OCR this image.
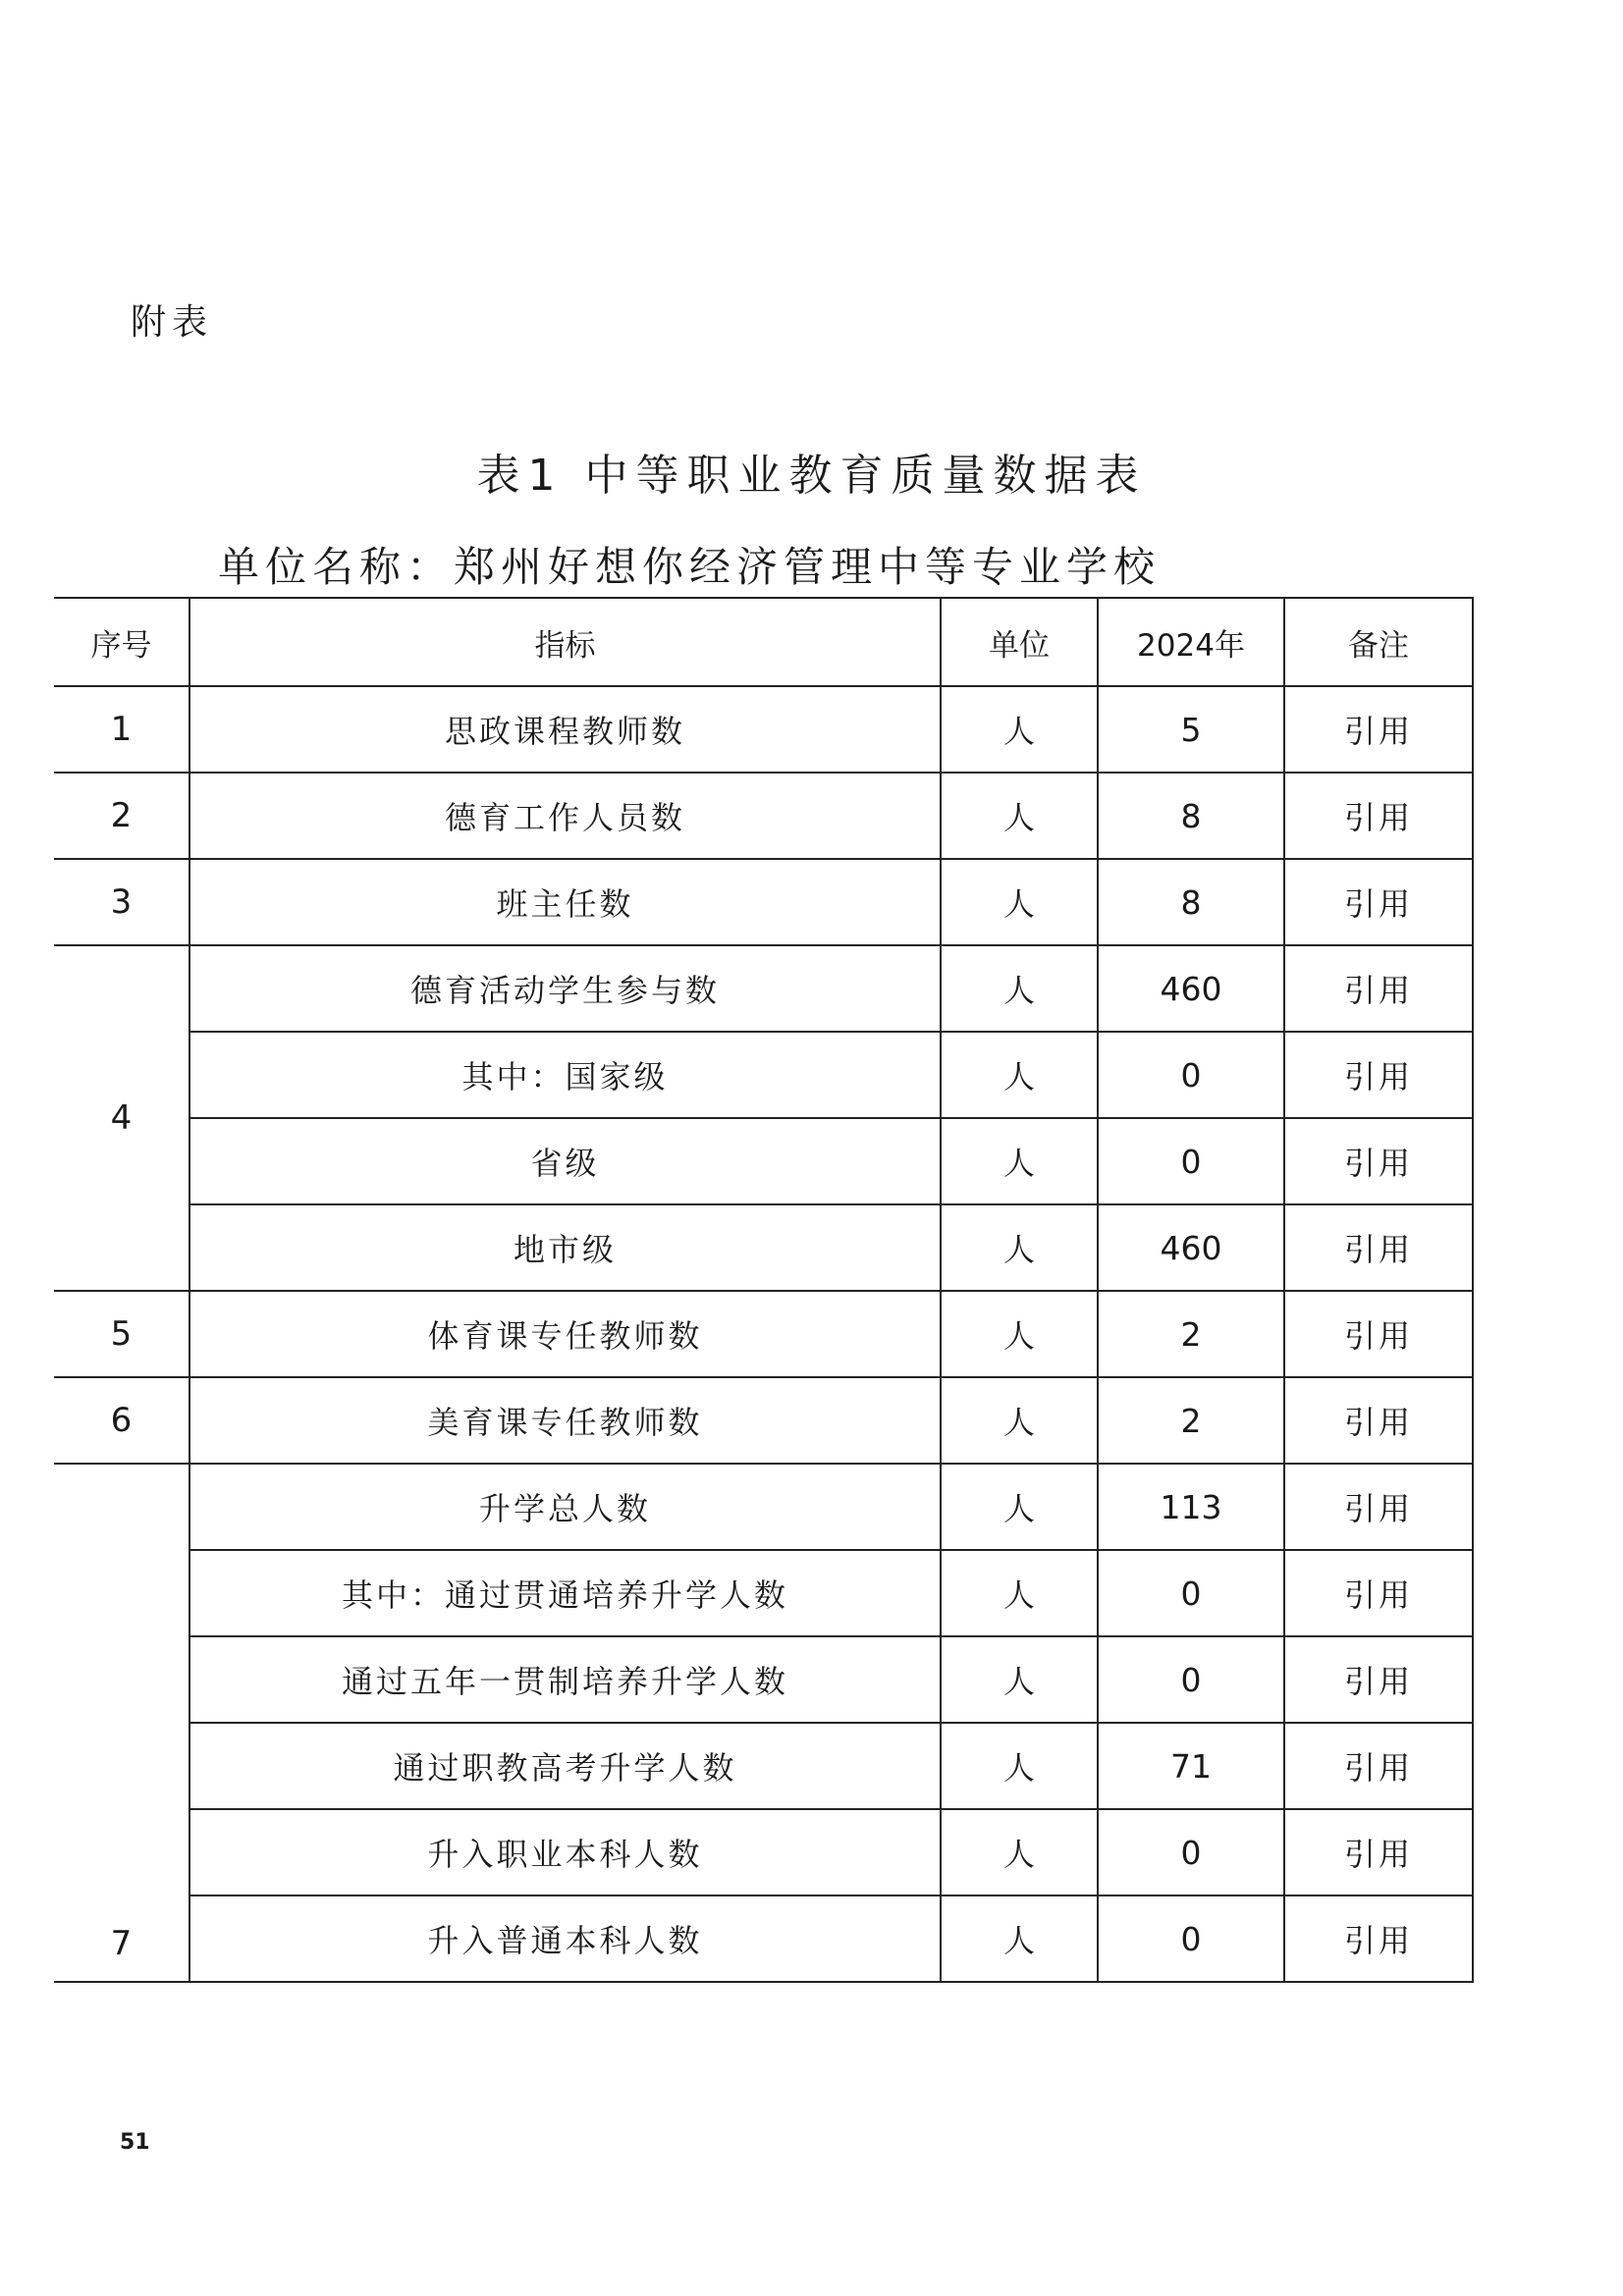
附表
表1 中等职业教育质量数据表
单位名称：郑州好想你经济管理中等专业学校
序号	指标	单位	2024年	备注
1	思政课程教师数	人	5	引用
2	德育工作人员数	人	8	引用
3	班主任数	人	8	引用
4	德育活动学生参与数	人	460	引用
	其中：国家级	人	0	引用
	省级	人	0	引用
	地市级	人	460	引用
5	体育课专任教师数	人	2	引用
6	美育课专任教师数	人	2	引用
7	升学总人数	人	113	引用
	其中：通过贯通培养升学人数	人	0	引用
	通过五年一贯制培养升学人数	人	0	引用
	通过职教高考升学人数	人	71	引用
	升入职业本科人数	人	0	引用
	升入普通本科人数	人	0	引用
51
